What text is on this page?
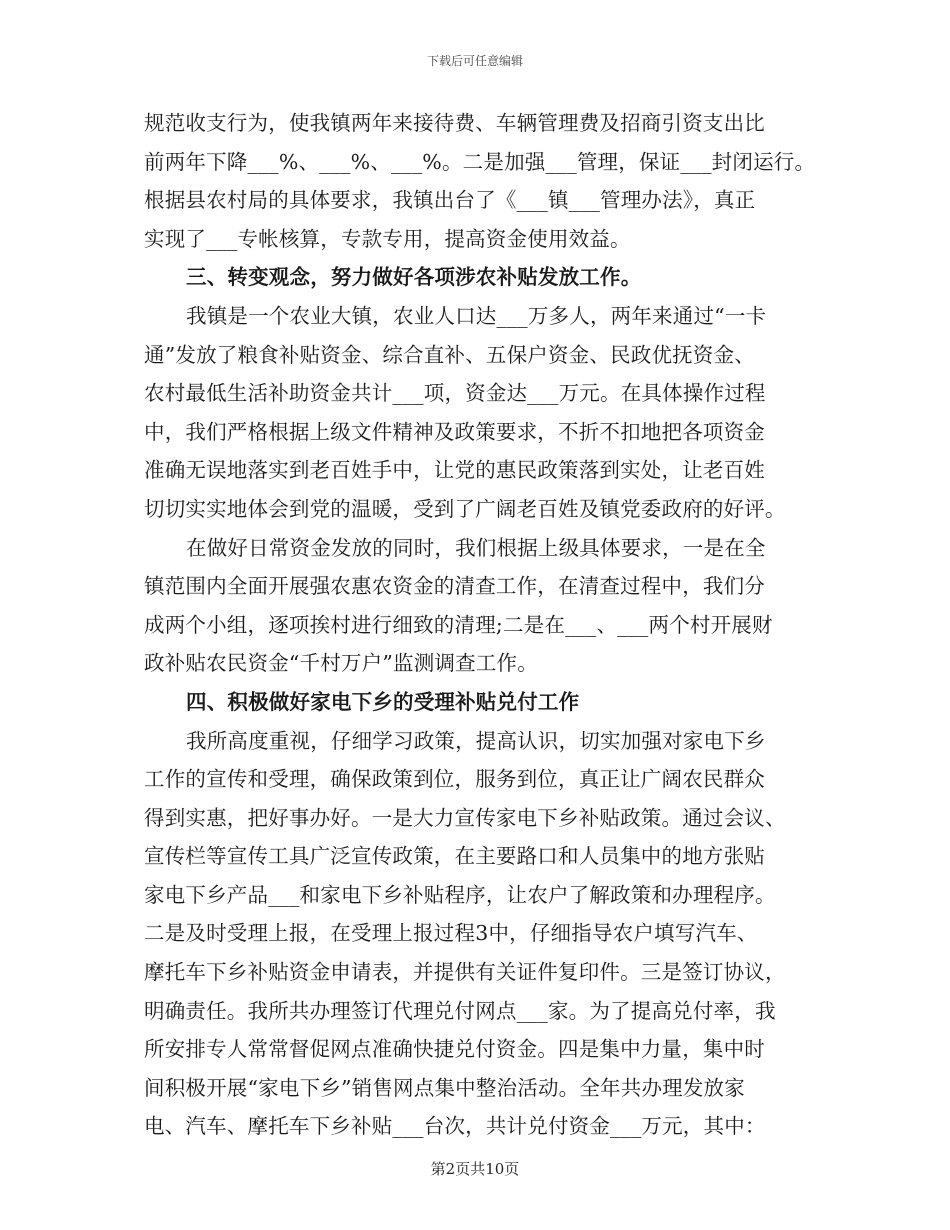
下载后可任意编辑
规范收支行为，使我镇两年来接待费、车辆管理费及招商引资支出比
前两年下降___%、___%、___%。二是加强___管理，保证___封闭运行。
根据县农村局的具体要求，我镇出台了《___镇___管理办法》，真正
实现了___专帐核算，专款专用，提高资金使用效益。
三、转变观念，努力做好各项涉农补贴发放工作。
我镇是一个农业大镇，农业人口达___万多人，两年来通过“一卡
通”发放了粮食补贴资金、综合直补、五保户资金、民政优抚资金、
农村最低生活补助资金共计___项，资金达___万元。在具体操作过程
中，我们严格根据上级文件精神及政策要求，不折不扣地把各项资金
准确无误地落实到老百姓手中，让党的惠民政策落到实处，让老百姓
切切实实地体会到党的温暖，受到了广阔老百姓及镇党委政府的好评。
在做好日常资金发放的同时，我们根据上级具体要求，一是在全
镇范围内全面开展强农惠农资金的清查工作，在清查过程中，我们分
成两个小组，逐项挨村进行细致的清理;二是在___、___两个村开展财
政补贴农民资金“千村万户”监测调查工作。
四、积极做好家电下乡的受理补贴兑付工作
我所高度重视，仔细学习政策，提高认识，切实加强对家电下乡
工作的宣传和受理，确保政策到位，服务到位，真正让广阔农民群众
得到实惠，把好事办好。一是大力宣传家电下乡补贴政策。通过会议、
宣传栏等宣传工具广泛宣传政策，在主要路口和人员集中的地方张贴
家电下乡产品___和家电下乡补贴程序，让农户了解政策和办理程序。
二是及时受理上报，在受理上报过程3中，仔细指导农户填写汽车、
摩托车下乡补贴资金申请表，并提供有关证件复印件。三是签订协议，
明确责任。我所共办理签订代理兑付网点___家。为了提高兑付率，我
所安排专人常常督促网点准确快捷兑付资金。四是集中力量，集中时
间积极开展“家电下乡”销售网点集中整治活动。全年共办理发放家
电、汽车、摩托车下乡补贴___台次，共计兑付资金___万元，其中：
第2页共10页
